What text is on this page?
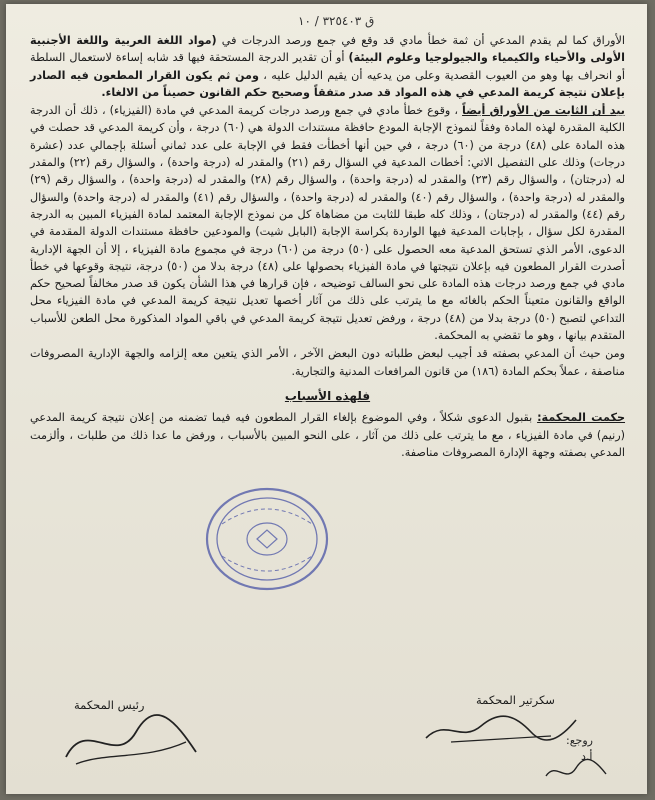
ق ٣٢٥٤٠٣ / ١٠

الأوراق كما لم يقدم المدعي أن ثمة خطأ مادي قد وقع في جمع ورصد الدرجات في (مواد اللغة العربية واللغة الأجنبية الأولى والأحياء والكيمياء والجيولوجيا وعلوم البيئة) أو أن تقدير الدرجة المستحقة فيها قد شابه إساءة لاستعمال السلطة أو انحراف بها وهو من العيوب القصدية وعلى من يدعيه أن يقيم الدليل عليه ، ومن ثم يكون القرار المطعون فيه الصادر بإعلان نتيجة كريمة المدعي في هذه المواد قد صدر متفقاً وصحيح حكم القانون حصيناً من الالغاء.

بيد أن الثابت من الأوراق أيضاً ، وقوع خطأ مادي في جمع ورصد درجات كريمة المدعي في مادة (الفيزياء) ، ذلك أن الدرجة الكلية المقدرة لهذه المادة وفقاً لنموذج الإجابة المودع حافظة مستندات الدولة هي (٦٠) درجة ، وأن كريمة المدعي قد حصلت في هذه المادة على (٤٨) درجة من (٦٠) درجة ، في حين أنها أخطأت فقط في الإجابة على عدد ثماني أسئلة بإجمالي عدد (عشرة درجات) وذلك على التفصيل الاتي: أخطات المدعية في السؤال رقم (٢١) والمقدر له (درجة واحدة) ، والسؤال رقم (٢٢) والمقدر له (درجتان) ، والسؤال رقم (٢٣) والمقدر له (درجة واحدة) ، والسؤال رقم (٢٨) والمقدر له (درجة واحدة) ، والسؤال رقم (٢٩) والمقدر له (درجة واحدة) ، والسؤال رقم (٤٠) والمقدر له (درجة واحدة) ، والسؤال رقم (٤١) والمقدر له (درجة واحدة) والسؤال رقم (٤٤) والمقدر له (درجتان) ، وذلك كله طبقا للثابت من مضاهاة كل من نموذج الإجابة المعتمد لمادة الفيزياء المبين به الدرجة المقدرة لكل سؤال ، بإجابات المدعية فيها الواردة بكراسة الإجابة (البابل شيت) والمودعين حافظة مستندات الدولة المقدمة في الدعوى، الأمر الذي تستحق المدعية معه الحصول على (٥٠) درجة من (٦٠) درجة في مجموع مادة الفيزياء ، إلا أن الجهة الإدارية أصدرت القرار المطعون فيه بإعلان نتيجتها في مادة الفيزياء بحصولها على (٤٨) درجة بدلا من (٥٠) درجة، نتيجة وقوعها في خطأ مادي في جمع ورصد درجات هذه المادة على نحو السالف توضيحه ، فإن قرارها في هذا الشأن يكون قد صدر مخالفاً لصحيح حكم الواقع والقانون متعيناً الحكم بالغائه مع ما يترتب على ذلك من آثار أخصها تعديل نتيجة كريمة المدعي في مادة الفيزياء محل التداعي لتصبح (٥٠) درجة بدلا من (٤٨) درجة ، ورفض تعديل نتيجة كريمة المدعي في باقي المواد المذكورة محل الطعن للأسباب المتقدم بيانها ، وهو ما تقضي به المحكمة.

ومن حيث أن المدعي بصفته قد أجيب لبعض طلباته دون البعض الآخر ، الأمر الذي يتعين معه إلزامه والجهة الإدارية المصروفات مناصفة ، عملاً بحكم المادة (١٨٦) من قانون المرافعات المدنية والتجارية.

فلهذه الأسباب

حكمت المحكمة: بقبول الدعوى شكلاً ، وفي الموضوع بإلغاء القرار المطعون فيه فيما تضمنه من إعلان نتيجة كريمة المدعي (رنيم) في مادة الفيزياء ، مع ما يترتب على ذلك من آثار ، على النحو المبين بالأسباب ، ورفض ما عدا ذلك من طلبات ، وألزمت المدعي بصفته وجهة الإدارة المصروفات مناصفة.

سكرتير المحكمة
رئيس المحكمة
روجع:
أ.د
